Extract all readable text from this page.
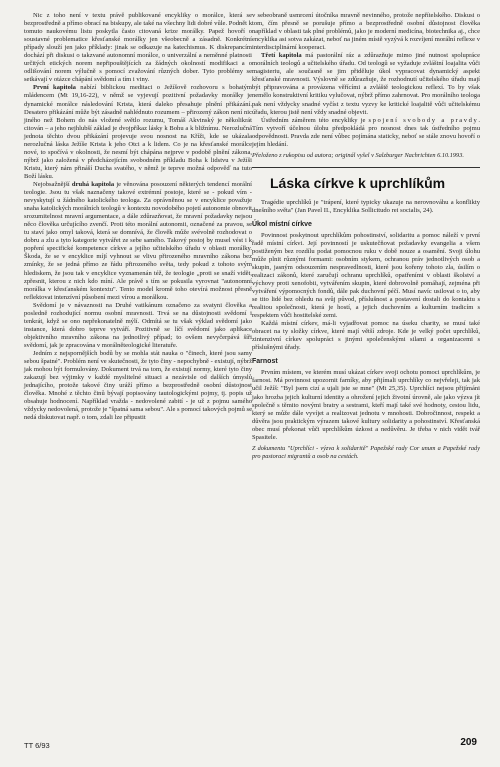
Nic z toho není v textu právě publikované encykliky o morálce, která se bezprostředně a přímo obrací na biskupy, ale také na všechny lidi dobré vůle. Podnět k tomuto naukovému listu poskytla často citovaná krize morálky. Papež hovoří o soustavné problematice křesťanské morálky jen všeobecně a zásadně. Konkrétní případy slouží jen jako příklady: jinak se odkazuje na katechismus. K diskrepancím dochází při diskusi o takzvané autonomní morálce, o univerzální a neměnné platnosti určitých etických norem nepřipouštějících za žádných okolností modifikaci a o odlišování norem výlučně s pomocí zvažování různých dober. Tyto problémy se setkávají v otázce chápání svědomí a tím i viny.

První kapitola nabízí biblickou meditaci o Ježíšově rozhovoru s bohatým mládencem (Mt 19,16-22), v němž se vyjevují pozitivní požadavky morálky je dynamické morálce následování Krista, která daleko přesahuje plnění přikázání. Desatero přikázání může být zásadně nahlédnuto rozumem – přirozený zákon není nic jiného než Bohem do nás vložené světlo rozumu, Tomáš Akvinský je několikrát citován – a jeho nejhlubší základ je dvojpříkaz lásky k Bohu a k bližnímu. Nerozlučná jednota těchto dvou přikázání projevuje svou nosnost na Kříži, kde se ukázala nerozlučná láska Ježíše Krista k jeho Otci a k lidem. Co je na křesťanské morálce nové, to spočívá v okolnosti, že nesmí být chápána nejprve v podobě plnění zákona, nýbrž jako založená v předcházejícím svobodném příkladu Boha k lidstvu v Ježíši Kristu, který nám přináší Ducha svatého, v němž je teprve možná odpověď na tuto Boží lásku.

Nejobsažnější druhá kapitola je věnována posouzení některých tendencí morální teologie. Jsou tu však naznačeny takové extrémní postoje, které se - pokud vím - nevyskytují u žádného katolického teologa. Za oprávněnou se v encyklice považuje snaha katolických morálních teologů v kontextu novodobého pojetí autonomie obnovit srozumitelnost mravní argumentace, a dále zdůrazňovat, že mravní požadavky nejsou něco člověka určujícího zvenčí. Proti této morální autonomii, označené za pravou, se tu staví jako omyl taková, která se domnívá, že člověk může svévolně rozhodovat o dobru a zlu a tyto kategorie vytvářet ze sebe samého. Takový postoj by musel vést i k popření specifické kompetence církve a jejího učitelského úřadu v oblasti morálky. Škoda, že se v encyklice míjí vyhnout se vlivu přirozeného mravního zákona bez zmínky, že se jedná přímo ze řádu přirozeného světa, tedy pokud z tohoto svým hlediskem, že jsou tak v encyklice vyznamenán též, že teologie „proti se snaží vidět, zpřesnit, kterou z nich kdo míní. Ale právě s tím se pokusila vyrovnat "autonomní morálka v křesťanském kontextu". Tento model kromě toho otevírá možnost přesně reflektovat intenzívní působení mezi vírou a morálkou.

Svědomí je v návaznosti na Druhé vatikánum označeno za svatyni člověka a posledně rozhodující normu osobní mravnosti. Trvá se na důstojnosti svědomí i tenkrát, když se ono nepřekonatelně mýlí. Odmítá se tu však výklad svědomí jako instance, která dobro teprve vytváří. Pozitivně se líčí svědomí jako aplikace objektivního mravního zákona na jednotlivý případ; to ovšem nevyčerpává šíři svědomí, jak je zpracována v morálněteologické literatuře.

Jedním z nejspornějších bodů by se mohla stát nauka o "činech, které jsou samy sebou špatné". Problém není ve skutečnosti, že tyto činy - nepochybně - existují, nýbrž jak mohou být formulovány. Dokument trvá na tom, že existují normy, které tyto činy zakazují bez výjimky v každé myslitelné situaci a nezávisle od dalších úmyslů jednajícího, protože takové činy uráží přímo a bezprostředně osobní důstojnost člověka. Mnohé z těchto činů bývají popisovány tautologickými pojmy, tj. popis už obsahuje hodnocení. Například vražda - nedovolené zabití - je už z pojmu samého vždycky nedovolená, protože je "špatná sama sebou". Ale s pomocí takových pojmů se nedá diskutovat např. o tom, zdali lze připustit

v sebeobraně usmrcení útočníka mravně nevinného, protože nepřítelského. Diskusi o tom, čím přesně se porušuje přímo a bezprostředně osobní důstojnost člověka například v oblasti tak plné problémů, jako je moderní medicína, biotechnika aj., chce encyklika asi sotva zakázat, neboť na jiném místě vyzývá k rozvíjení morální reflexe v interdisciplinární kooperaci.

Třetí kapitola má pastorální ráz a zdůrazňuje mimo jiné nutnost spolupráce morálních teologů a učitelského úřadu. Od teologů se vyžaduje zvláštní loajalita vůči magisteriu, ale současně se jim přiděluje úkol vypracovat dynamický aspekt křesťanské mravnosti. Výslovně se zdůrazňuje, že rozhodnutí učitelského úřadu mají být připravována a provázena věřícími a zvláště teologickou reflexí. To by však nemělo konstruktivní kritiku vylučovat, nýbrž přímo zahrnovat. Pro morálního teologa pak není vždycky snadné vyčíst z textu vyzvy ke kritické loajalitě vůči učitelskému úřadu, kterou jistě není vždy snadné objevit.

Ústředním záměrem této encykliky je spojení svobody a pravdy. Tím vytvoří účelnou úlohu předpokládá pro nosnost dnes tak ústředního pojmu odpovědnosti. Pravda zde není vůbec pojímána staticky, neboť se stále znovu hovoří o jejím hledání.

Přeloženo z rukopisu od autora; originál vyšel v Salzburger Nachrichten 6.10.1993.

Láska církve k uprchlíkům

Tragédie uprchlíků je "trápení, které typicky ukazuje na nerovnováhu a konflikty dnešního světa" (Jan Pavel II., Encyklika Sollicitudo rei socialis, 24).

Úkol místní církve

Povinnost poskytnout uprchlíkům pohostinství, solidaritu a pomoc náleží v první řadě místní církvi. Její povinností je uskutečňovat požadavky evangelia a všem postiženým bez rozdílu podat pomocnou ruku v době nouze a osamění. Svoji úlohu může plnit různými formami: osobním stykem, ochranou práv jednotlivých osob a skupin, jasným odsouzením nespravedlnosti, které jsou kořeny tohoto zla, úsilím o realizaci zákonů, které zaručují ochranu uprchlíků, opatřeními v oblasti školství a výchovy proti xenofobii, vytvářením skupin, které dobrovolně pomáhají, zejména při vytváření výpomocných fondů, dále pak duchovní péčí. Musí navíc usilovat o to, aby se tito lidé bez ohledu na svůj původ, příslušnost a postavení dostali do kontaktu s realitou společnosti, která je hostí, a jejich duchovním a kulturním tradicím s respektem vůči hostitelské zemi.

Každá místní církev, má-li vyjadřovat pomoc na úseku charity, se musí také obracet na ty složky církve, které mají větší zdroje. Kde je velký počet uprchlíků, zintenzivní církev spolupráci s jinými společenskými silami a organizacemi s příslušnými úřady.

Farnost

Prvním místem, ve kterém musí ukázat církev svoji ochotu pomoci uprchlíkům, je farnost. Má povinnost upozornit farníky, aby přijímali uprchlíky co nejvřeleji, tak jak učil Ježíš: "Byl jsem cizí a ujali jste se mne" (Mt 25,35). Uprchlíci nejsou přijímáni jako hrozba jejich kulturní identity a ohrožení jejich životní úrovně, ale jako výzva jít společně s těmito novými bratry a sestrami, kteří mají také své hodnoty, cestou lidu, který se může dále vyvíjet a realizovat jednotu v mnohosti. Dobročinnost, respekt a důvěra jsou praktickým výrazem takové kultury solidarity a pohostinství. Křesťanská obec musí překonat vůči uprchlíkům úzkost a nedůvěru. Je třeba v nich vidět tvář Spasitele.

Z dokumentu "Uprchlíci - výzva k solidaritě" Papežské rady Cor unum a Papežské rady pro pastoraci migrantů a osob na cestách.

TT 6/93	209
